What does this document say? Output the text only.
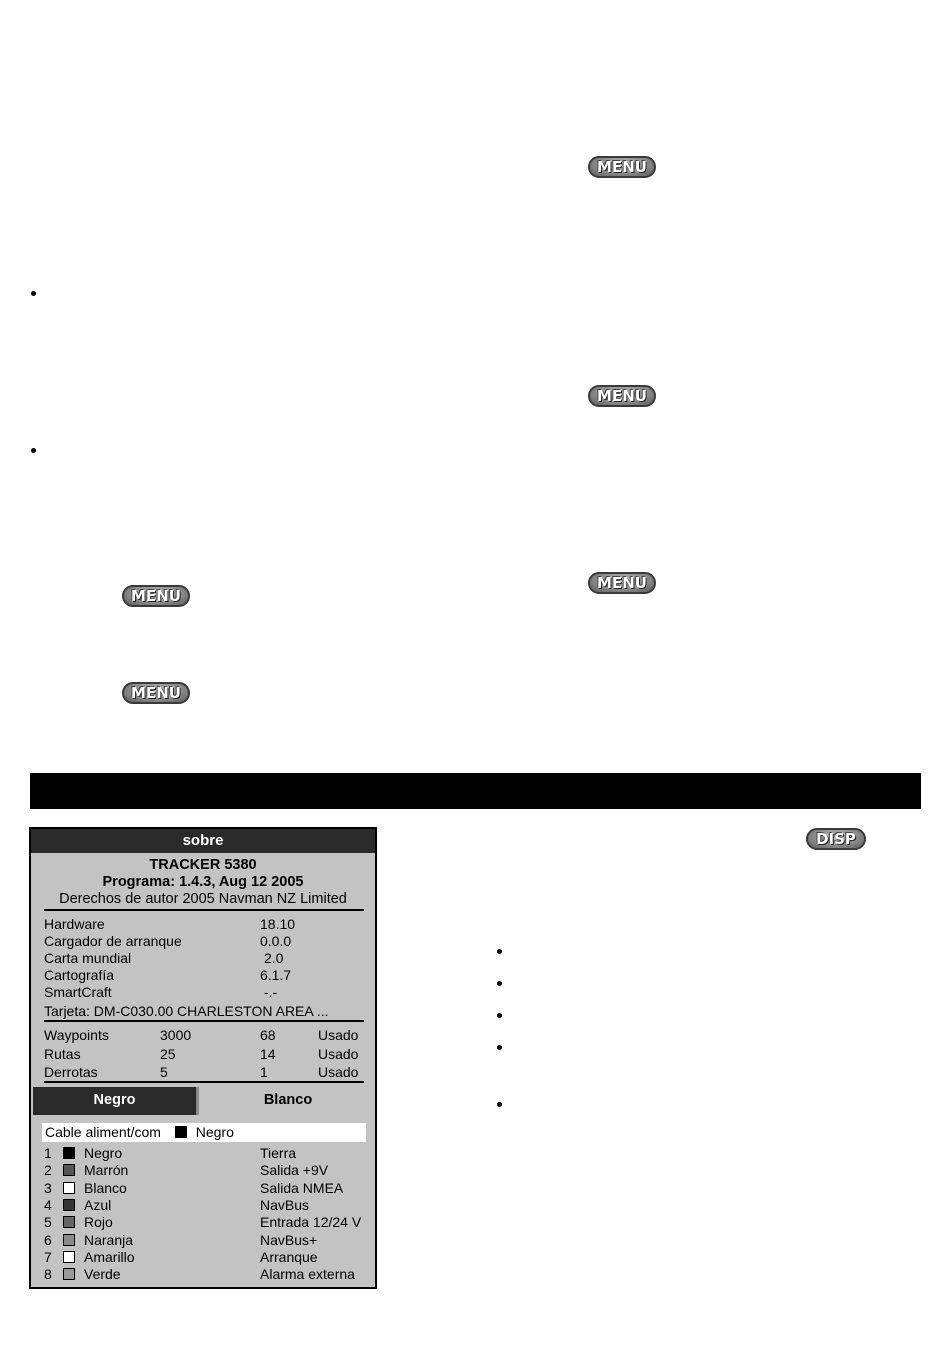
MENU
MENU
MENU
MENU
MENU
DISP
sobre
TRACKER 5380
Programa: 1.4.3, Aug 12 2005
Derechos de autor 2005 Navman NZ Limited
Tarjeta: DM-C030.00 CHARLESTON AREA ...
Negro	Blanco
Cable aliment/com Negro
Hardware	18.10
Cargador de arranque	0.0.0
Carta mundial	2.0
Cartografía	6.1.7
SmartCraft	-.-
Waypoints	3000	68	Usado
Rutas	25	14	Usado
Derrotas	5	1	Usado
1 Negro	Tierra
2 Marrón	Salida +9V
3 Blanco	Salida NMEA
4 Azul	NavBus
5 Rojo	Entrada 12/24 V
6 Naranja	NavBus+
7 Amarillo	Arranque
8 Verde	Alarma externa
